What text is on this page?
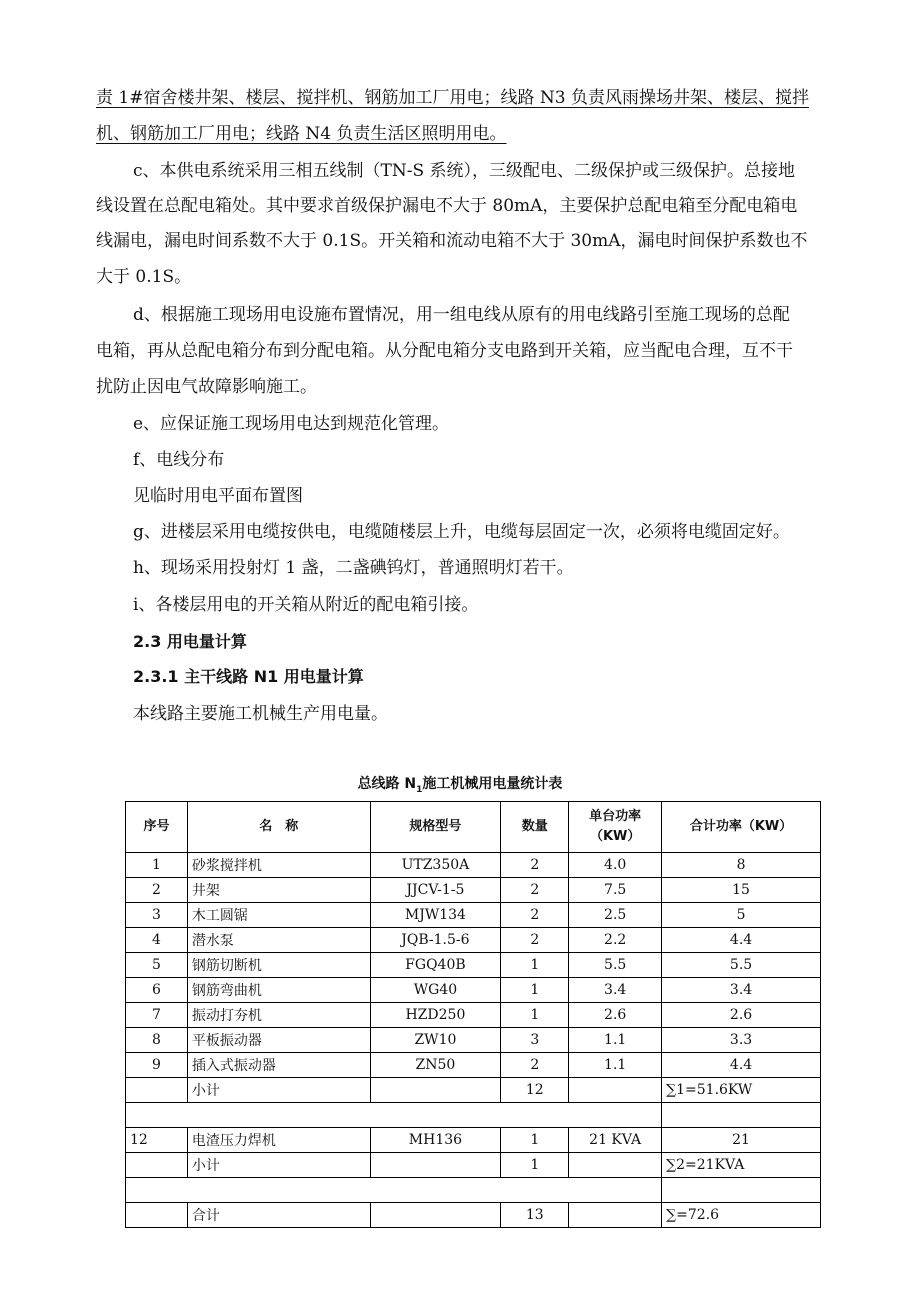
责 1#宿舍楼井架、楼层、搅拌机、钢筋加工厂用电；线路 N3 负责风雨操场井架、楼层、搅拌
机、钢筋加工厂用电；线路 N4 负责生活区照明用电。
c、本供电系统采用三相五线制（TN-S 系统），三级配电、二级保护或三级保护。总接地
线设置在总配电箱处。其中要求首级保护漏电不大于 80mA，主要保护总配电箱至分配电箱电
线漏电，漏电时间系数不大于 0.1S。开关箱和流动电箱不大于 30mA，漏电时间保护系数也不
大于 0.1S。
d、根据施工现场用电设施布置情况，用一组电线从原有的用电线路引至施工现场的总配
电箱，再从总配电箱分布到分配电箱。从分配电箱分支电路到开关箱，应当配电合理，互不干
扰防止因电气故障影响施工。
e、应保证施工现场用电达到规范化管理。
f、电线分布
见临时用电平面布置图
g、进楼层采用电缆按供电，电缆随楼层上升，电缆每层固定一次，必须将电缆固定好。
h、现场采用投射灯 1 盏，二盏碘钨灯，普通照明灯若干。
i、各楼层用电的开关箱从附近的配电箱引接。
2.3 用电量计算
2.3.1 主干线路 N1 用电量计算
本线路主要施工机械生产用电量。
总线路 $N_1$施工机械用电量统计表
序号	名　称	规格型号	数量	单台功率（KW）	合计功率（KW）
1	砂浆搅拌机	UTZ350A	2	4.0	8
2	井架	JJCV-1-5	2	7.5	15
3	木工圆锯	MJW134	2	2.5	5
4	潜水泵	JQB-1.5-6	2	2.2	4.4
5	钢筋切断机	FGQ40B	1	5.5	5.5
6	钢筋弯曲机	WG40	1	3.4	3.4
7	振动打夯机	HZD250	1	2.6	2.6
8	平板振动器	ZW10	3	1.1	3.3
9	插入式振动器	ZN50	2	1.1	4.4
	小计		12		∑1=51.6KW

12	电渣压力焊机	MH136	1	21 KVA	21
	小计		1		∑2=21KVA

	合计		13		∑=72.6
